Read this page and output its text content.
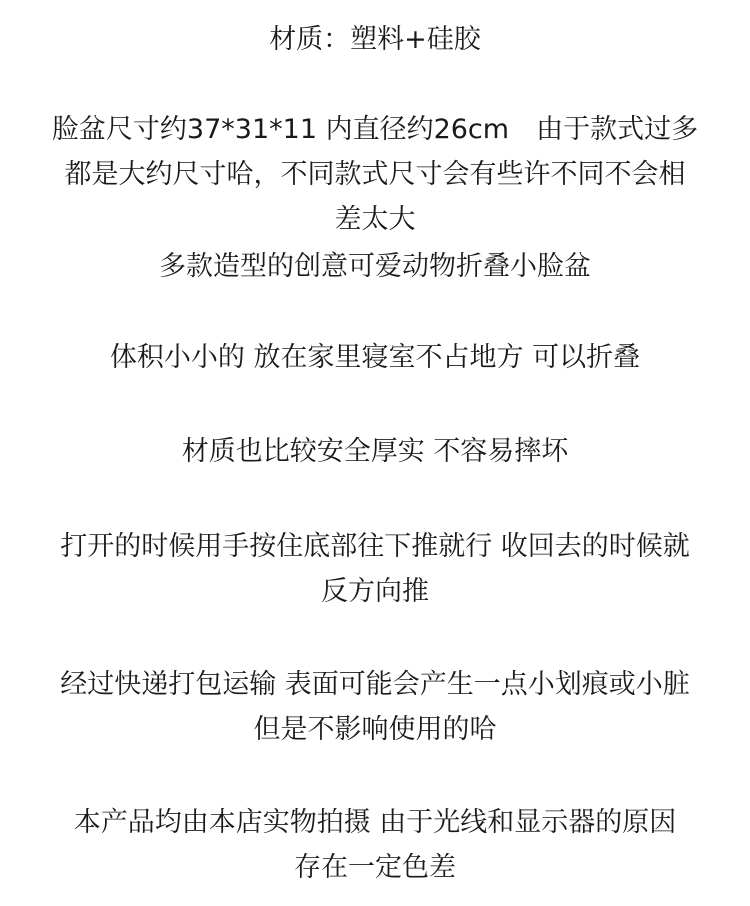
材质：塑料+硅胶
脸盆尺寸约37*31*11 内直径约26cm　由于款式过多
都是大约尺寸哈，不同款式尺寸会有些许不同不会相
差太大
多款造型的创意可爱动物折叠小脸盆
体积小小的 放在家里寝室不占地方 可以折叠
材质也比较安全厚实 不容易摔坏
打开的时候用手按住底部往下推就行 收回去的时候就
反方向推
经过快递打包运输 表面可能会产生一点小划痕或小脏
但是不影响使用的哈
本产品均由本店实物拍摄 由于光线和显示器的原因
存在一定色差
